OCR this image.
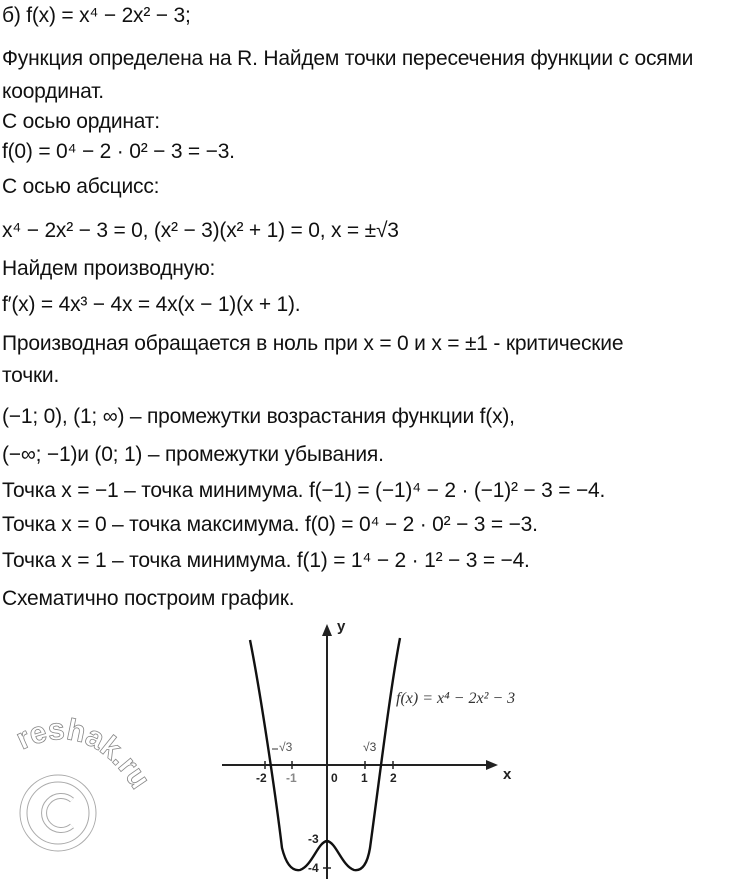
б) f(x) = x⁴ − 2x² − 3;
Функция определена на R. Найдем точки пересечения функции с осями
координат.
С осью ординат:
f(0) = 0⁴ − 2 · 0² − 3 = −3.
С осью абсцисс:
x⁴ − 2x² − 3 = 0, (x² − 3)(x² + 1) = 0, x = ±√3
Найдем производную:
f′(x) = 4x³ − 4x = 4x(x − 1)(x + 1).
Производная обращается в ноль при x = 0 и x = ±1 - критические
точки.
(−1; 0), (1; ∞) – промежутки возрастания функции f(x),
(−∞; −1)и (0; 1) – промежутки убывания.
Точка x = −1 – точка минимума. f(−1) = (−1)⁴ − 2 · (−1)² − 3 = −4.
Точка x = 0 – точка максимума. f(0) = 0⁴ − 2 · 0² − 3 = −3.
Точка x = 1 – точка минимума. f(1) = 1⁴ − 2 · 1² − 3 = −4.
Схематично построим график.
reshak.ru
y
x
-2 -1	0 1 2
-3
-4
√3	√3
f(x) = x⁴ − 2x² − 3
